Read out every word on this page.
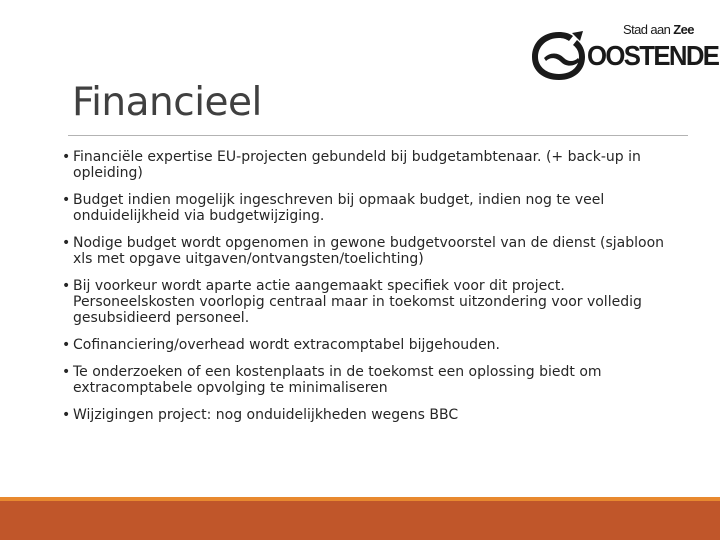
Stad aan Zee
OOSTENDE
Financieel
• Financiële expertise EU-projecten gebundeld bij budgetambtenaar. (+ back-up in opleiding)
• Budget indien mogelijk ingeschreven bij opmaak budget, indien nog te veel onduidelijkheid via budgetwijziging.
• Nodige budget wordt opgenomen in gewone budgetvoorstel van de dienst (sjabloon xls met opgave uitgaven/ontvangsten/toelichting)
• Bij voorkeur wordt aparte actie aangemaakt specifiek voor dit project. Personeelskosten voorlopig centraal maar in toekomst uitzondering voor volledig gesubsidieerd personeel.
• Cofinanciering/overhead wordt extracomptabel bijgehouden.
• Te onderzoeken of een kostenplaats in de toekomst een oplossing biedt om extracomptabele opvolging te minimaliseren
• Wijzigingen project: nog onduidelijkheden wegens BBC
